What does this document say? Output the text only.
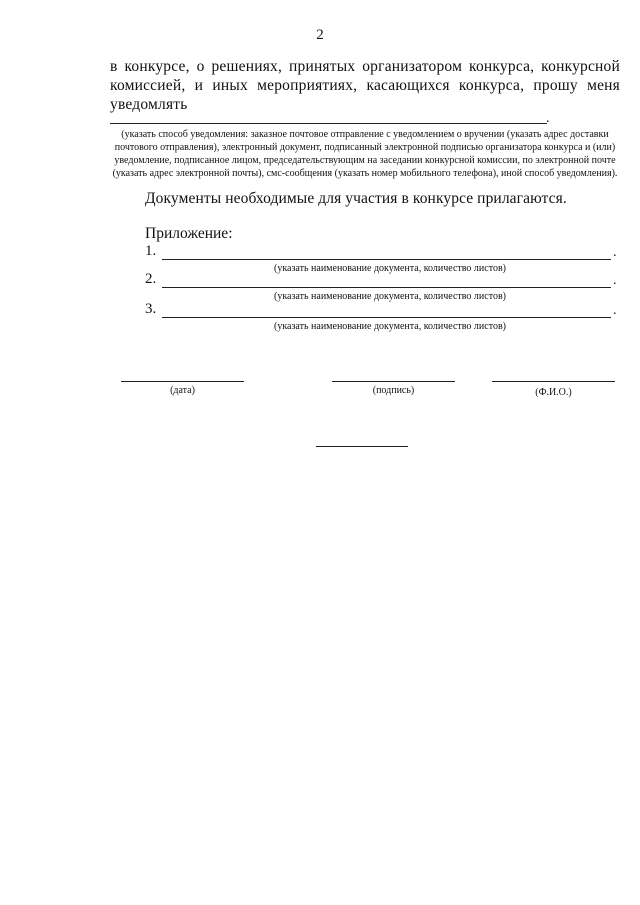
2
в конкурсе, о решениях, принятых организатором конкурса, конкурсной комиссией, и иных мероприятиях, касающихся конкурса, прошу меня уведомлять
.
(указать способ уведомления: заказное почтовое отправление с уведомлением о вручении (указать адрес доставки почтового отправления), электронный документ, подписанный электронной подписью организатора конкурса и (или) уведомление, подписанное лицом, председательствующим на заседании конкурсной комиссии, по электронной почте (указать адрес электронной почты), смс-сообщения (указать номер мобильного телефона), иной способ уведомления).
Документы необходимые для участия в конкурсе прилагаются.
Приложение:
1.	.
(указать наименование документа, количество листов)
2.	.
(указать наименование документа, количество листов)
3.	.
(указать наименование документа, количество листов)
(дата)	(подпись)	(Ф.И.О.)
